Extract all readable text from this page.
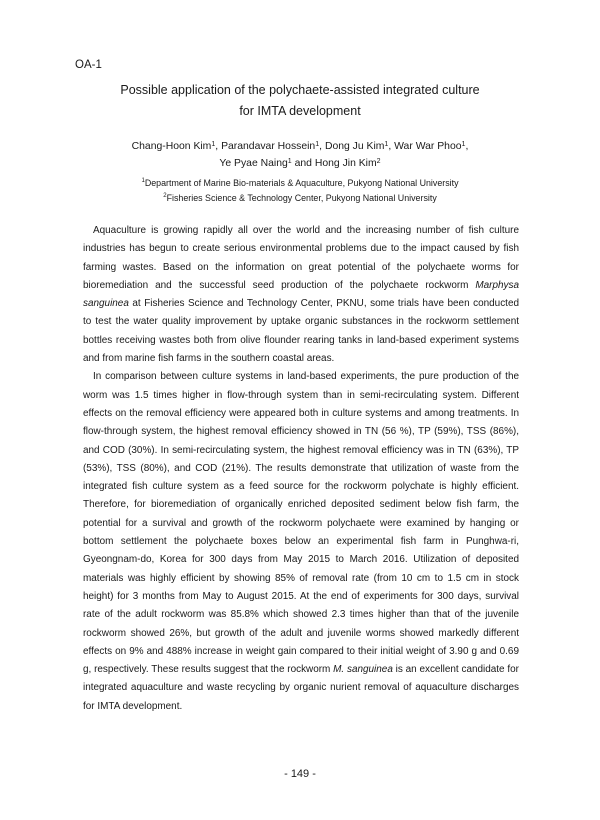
OA-1
Possible application of the polychaete-assisted integrated culture
for IMTA development
Chang-Hoon Kim$^1$, Parandavar Hossein$^1$, Dong Ju Kim$^1$, War War Phoo$^1$,
Ye Pyae Naing$^1$ and Hong Jin Kim$^2$
$^1$Department of Marine Bio-materials & Aquaculture, Pukyong National University
$^2$Fisheries Science & Technology Center, Pukyong National University

Aquaculture is growing rapidly all over the world and the increasing number of fish culture industries has begun to create serious environmental problems due to the impact caused by fish farming wastes. Based on the information on great potential of the polychaete worms for bioremediation and the successful seed production of the polychaete rockworm Marphysa sanguinea at Fisheries Science and Technology Center, PKNU, some trials have been conducted to test the water quality improvement by uptake organic substances in the rockworm settlement bottles receiving wastes both from olive flounder rearing tanks in land-based experiment systems and from marine fish farms in the southern coastal areas.

In comparison between culture systems in land-based experiments, the pure production of the worm was 1.5 times higher in flow-through system than in semi-recirculating system. Different effects on the removal efficiency were appeared both in culture systems and among treatments. In flow-through system, the highest removal efficiency showed in TN (56 %), TP (59%), TSS (86%), and COD (30%). In semi-recirculating system, the highest removal efficiency was in TN (63%), TP (53%), TSS (80%), and COD (21%). The results demonstrate that utilization of waste from the integrated fish culture system as a feed source for the rockworm polychate is highly efficient. Therefore, for bioremediation of organically enriched deposited sediment below fish farm, the potential for a survival and growth of the rockworm polychaete were examined by hanging or bottom settlement the polychaete boxes below an experimental fish farm in Punghwa-ri, Gyeongnam-do, Korea for 300 days from May 2015 to March 2016. Utilization of deposited materials was highly efficient by showing 85% of removal rate (from 10 cm to 1.5 cm in stock height) for 3 months from May to August 2015. At the end of experiments for 300 days, survival rate of the adult rockworm was 85.8% which showed 2.3 times higher than that of the juvenile rockworm showed 26%, but growth of the adult and juvenile worms showed markedly different effects on 9% and 488% increase in weight gain compared to their initial weight of 3.90 g and 0.69 g, respectively. These results suggest that the rockworm M. sanguinea is an excellent candidate for integrated aquaculture and waste recycling by organic nurient removal of aquaculture discharges for IMTA development.

- 149 -
